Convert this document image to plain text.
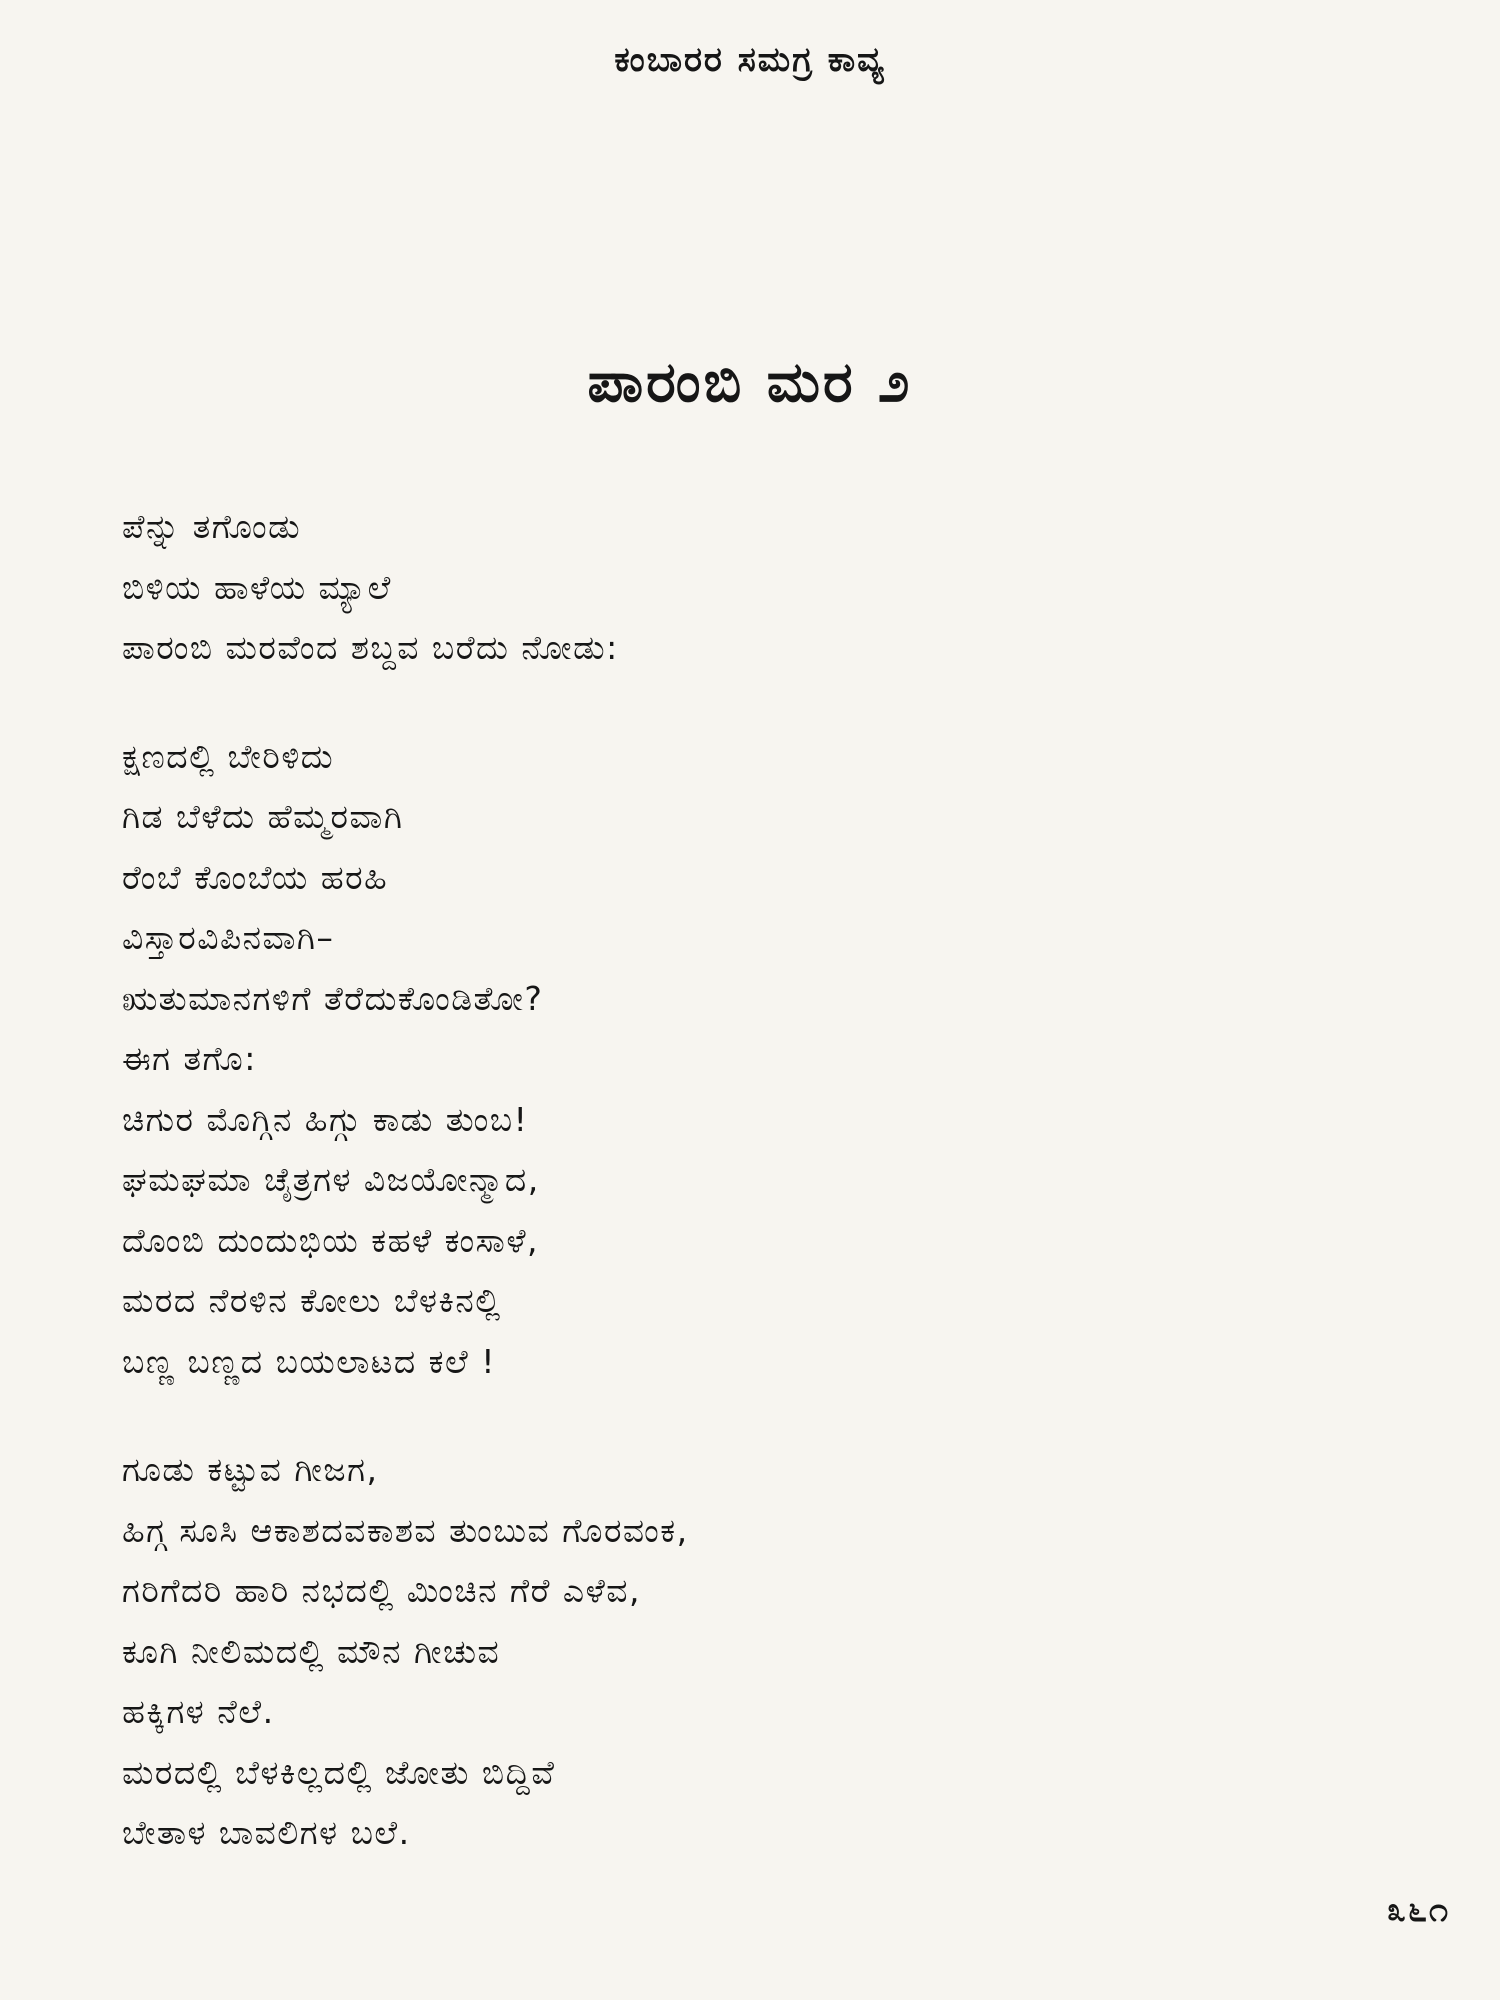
ಕಂಬಾರರ ಸಮಗ್ರ ಕಾವ್ಯ
ಪಾರಂಬಿ ಮರ ೨
ಪೆನ್ನು ತಗೊಂಡು
ಬಿಳಿಯ ಹಾಳೆಯ ಮ್ಯಾಲೆ
ಪಾರಂಬಿ ಮರವೆಂದ ಶಬ್ದವ ಬರೆದು ನೋಡು:
ಕ್ಷಣದಲ್ಲಿ ಬೇರಿಳಿದು
ಗಿಡ ಬೆಳೆದು ಹೆಮ್ಮರವಾಗಿ
ರೆಂಬೆ ಕೊಂಬೆಯ ಹರಹಿ
ವಿಸ್ತಾರವಿಪಿನವಾಗಿ–
ಋತುಮಾನಗಳಿಗೆ ತೆರೆದುಕೊಂಡಿತೋ?
ಈಗ ತಗೊ:
ಚಿಗುರ ಮೊಗ್ಗಿನ ಹಿಗ್ಗು ಕಾಡು ತುಂಬ!
ಘಮಘಮಾ ಚೈತ್ರಗಳ ವಿಜಯೋನ್ಮಾದ,
ದೊಂಬಿ ದುಂದುಭಿಯ ಕಹಳೆ ಕಂಸಾಳೆ,
ಮರದ ನೆರಳಿನ ಕೋಲು ಬೆಳಕಿನಲ್ಲಿ
ಬಣ್ಣ ಬಣ್ಣದ ಬಯಲಾಟದ ಕಲೆ !
ಗೂಡು ಕಟ್ಟುವ ಗೀಜಗ,
ಹಿಗ್ಗ ಸೂಸಿ ಆಕಾಶದವಕಾಶವ ತುಂಬುವ ಗೊರವಂಕ,
ಗರಿಗೆದರಿ ಹಾರಿ ನಭದಲ್ಲಿ ಮಿಂಚಿನ ಗೆರೆ ಎಳೆವ,
ಕೂಗಿ ನೀಲಿಮದಲ್ಲಿ ಮೌನ ಗೀಚುವ
ಹಕ್ಕಿಗಳ ನೆಲೆ.
ಮರದಲ್ಲಿ ಬೆಳಕಿಲ್ಲದಲ್ಲಿ ಜೋತು ಬಿದ್ದಿವೆ
ಬೇತಾಳ ಬಾವಲಿಗಳ ಬಲೆ.
೩೬೧
